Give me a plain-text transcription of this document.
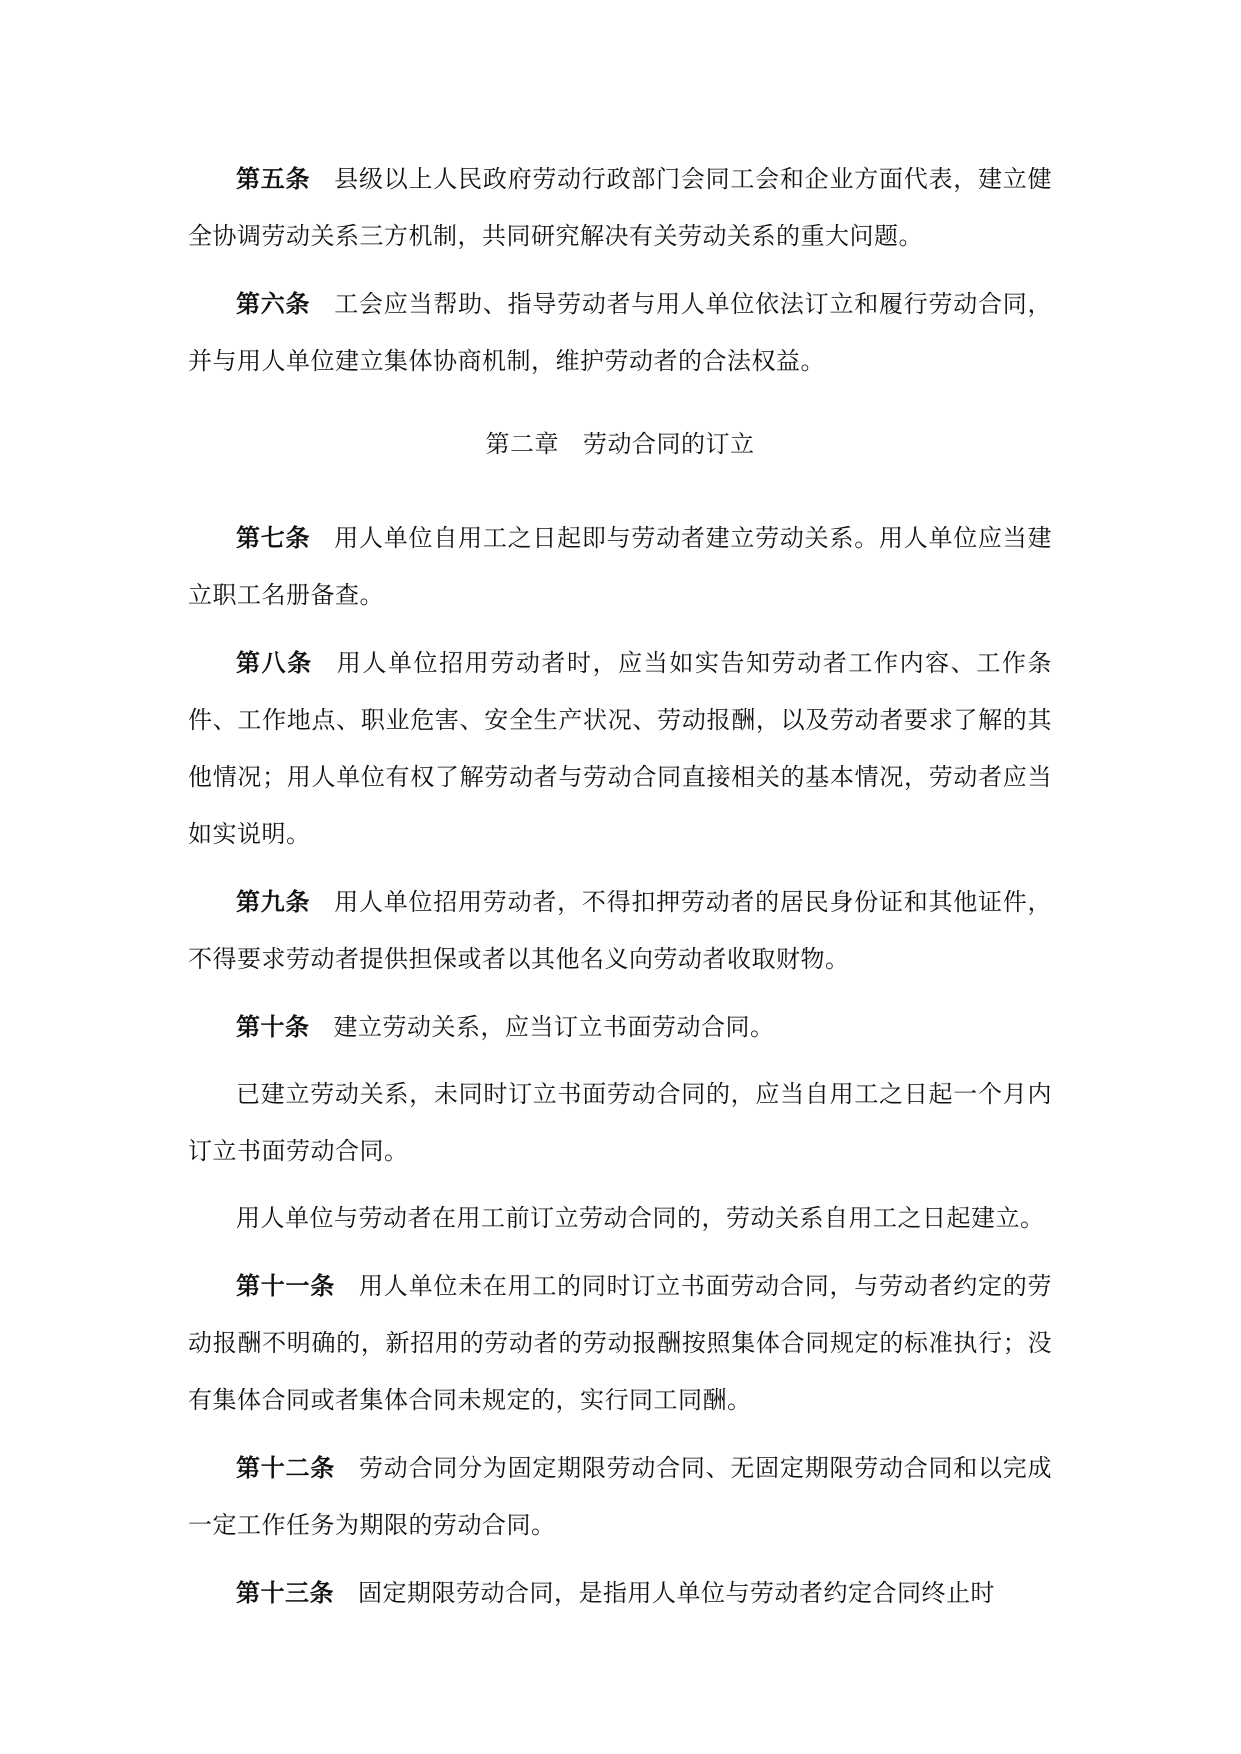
第五条 县级以上人民政府劳动行政部门会同工会和企业方面代表，建立健全协调劳动关系三方机制，共同研究解决有关劳动关系的重大问题。

第六条 工会应当帮助、指导劳动者与用人单位依法订立和履行劳动合同，并与用人单位建立集体协商机制，维护劳动者的合法权益。

第二章 劳动合同的订立

第七条 用人单位自用工之日起即与劳动者建立劳动关系。用人单位应当建立职工名册备查。

第八条 用人单位招用劳动者时，应当如实告知劳动者工作内容、工作条件、工作地点、职业危害、安全生产状况、劳动报酬，以及劳动者要求了解的其他情况；用人单位有权了解劳动者与劳动合同直接相关的基本情况，劳动者应当如实说明。

第九条 用人单位招用劳动者，不得扣押劳动者的居民身份证和其他证件，不得要求劳动者提供担保或者以其他名义向劳动者收取财物。

第十条 建立劳动关系，应当订立书面劳动合同。

已建立劳动关系，未同时订立书面劳动合同的，应当自用工之日起一个月内订立书面劳动合同。

用人单位与劳动者在用工前订立劳动合同的，劳动关系自用工之日起建立。

第十一条 用人单位未在用工的同时订立书面劳动合同，与劳动者约定的劳动报酬不明确的，新招用的劳动者的劳动报酬按照集体合同规定的标准执行；没有集体合同或者集体合同未规定的，实行同工同酬。

第十二条 劳动合同分为固定期限劳动合同、无固定期限劳动合同和以完成一定工作任务为期限的劳动合同。

第十三条 固定期限劳动合同，是指用人单位与劳动者约定合同终止时
